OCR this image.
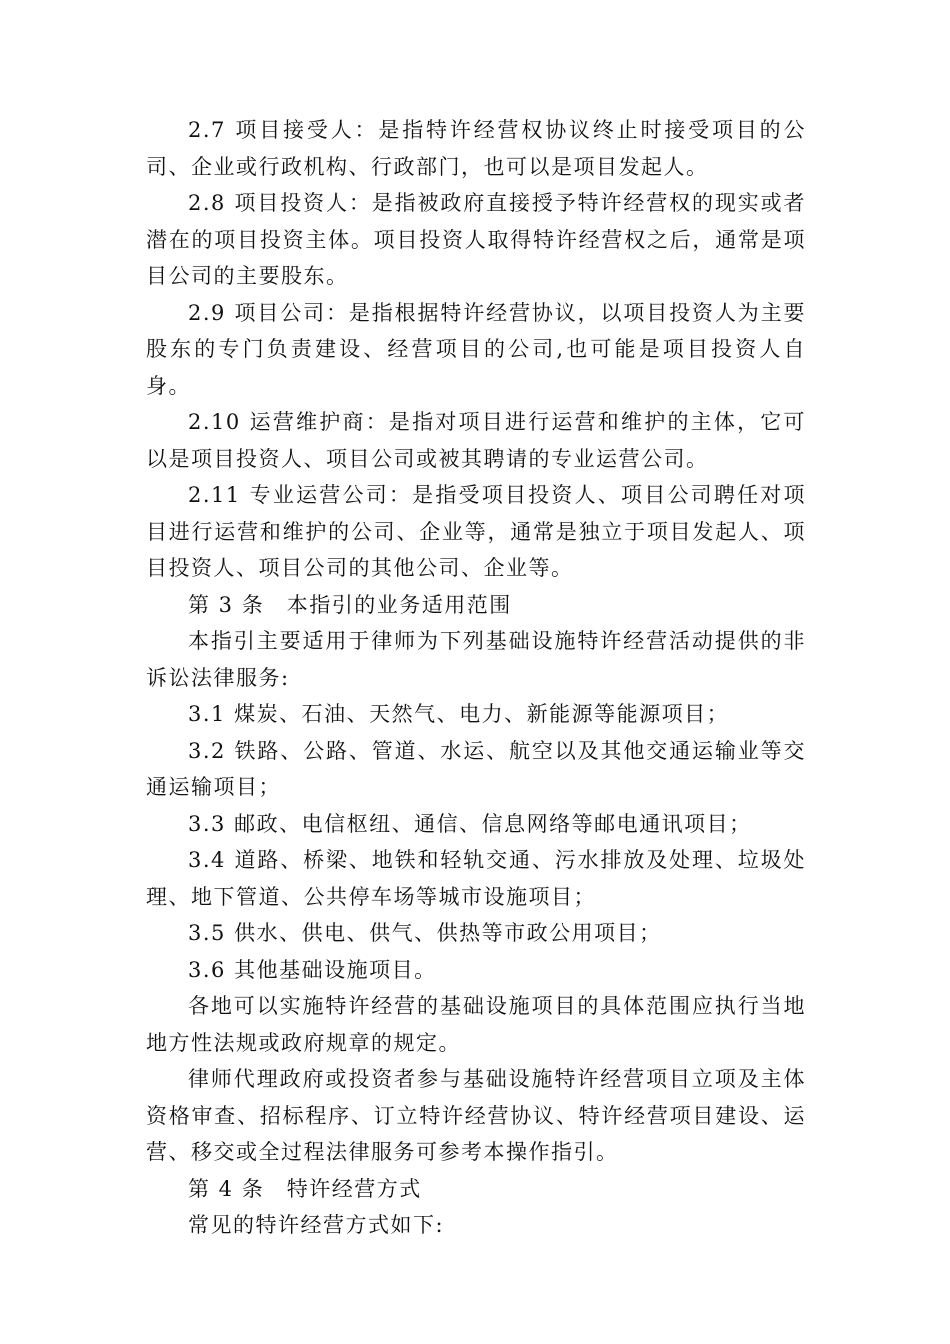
2.7 项目接受人：是指特许经营权协议终止时接受项目的公司、企业或行政机构、行政部门，也可以是项目发起人。

2.8 项目投资人：是指被政府直接授予特许经营权的现实或者潜在的项目投资主体。项目投资人取得特许经营权之后，通常是项目公司的主要股东。

2.9 项目公司：是指根据特许经营协议，以项目投资人为主要股东的专门负责建设、经营项目的公司,也可能是项目投资人自身。

2.10 运营维护商：是指对项目进行运营和维护的主体，它可以是项目投资人、项目公司或被其聘请的专业运营公司。

2.11 专业运营公司：是指受项目投资人、项目公司聘任对项目进行运营和维护的公司、企业等，通常是独立于项目发起人、项目投资人、项目公司的其他公司、企业等。

第 3 条　本指引的业务适用范围

本指引主要适用于律师为下列基础设施特许经营活动提供的非诉讼法律服务:

3.1 煤炭、石油、天然气、电力、新能源等能源项目；

3.2 铁路、公路、管道、水运、航空以及其他交通运输业等交通运输项目；

3.3 邮政、电信枢纽、通信、信息网络等邮电通讯项目；

3.4 道路、桥梁、地铁和轻轨交通、污水排放及处理、垃圾处理、地下管道、公共停车场等城市设施项目；

3.5 供水、供电、供气、供热等市政公用项目；

3.6 其他基础设施项目。

各地可以实施特许经营的基础设施项目的具体范围应执行当地地方性法规或政府规章的规定。

律师代理政府或投资者参与基础设施特许经营项目立项及主体资格审查、招标程序、订立特许经营协议、特许经营项目建设、运营、移交或全过程法律服务可参考本操作指引。

第 4 条　特许经营方式

常见的特许经营方式如下:
